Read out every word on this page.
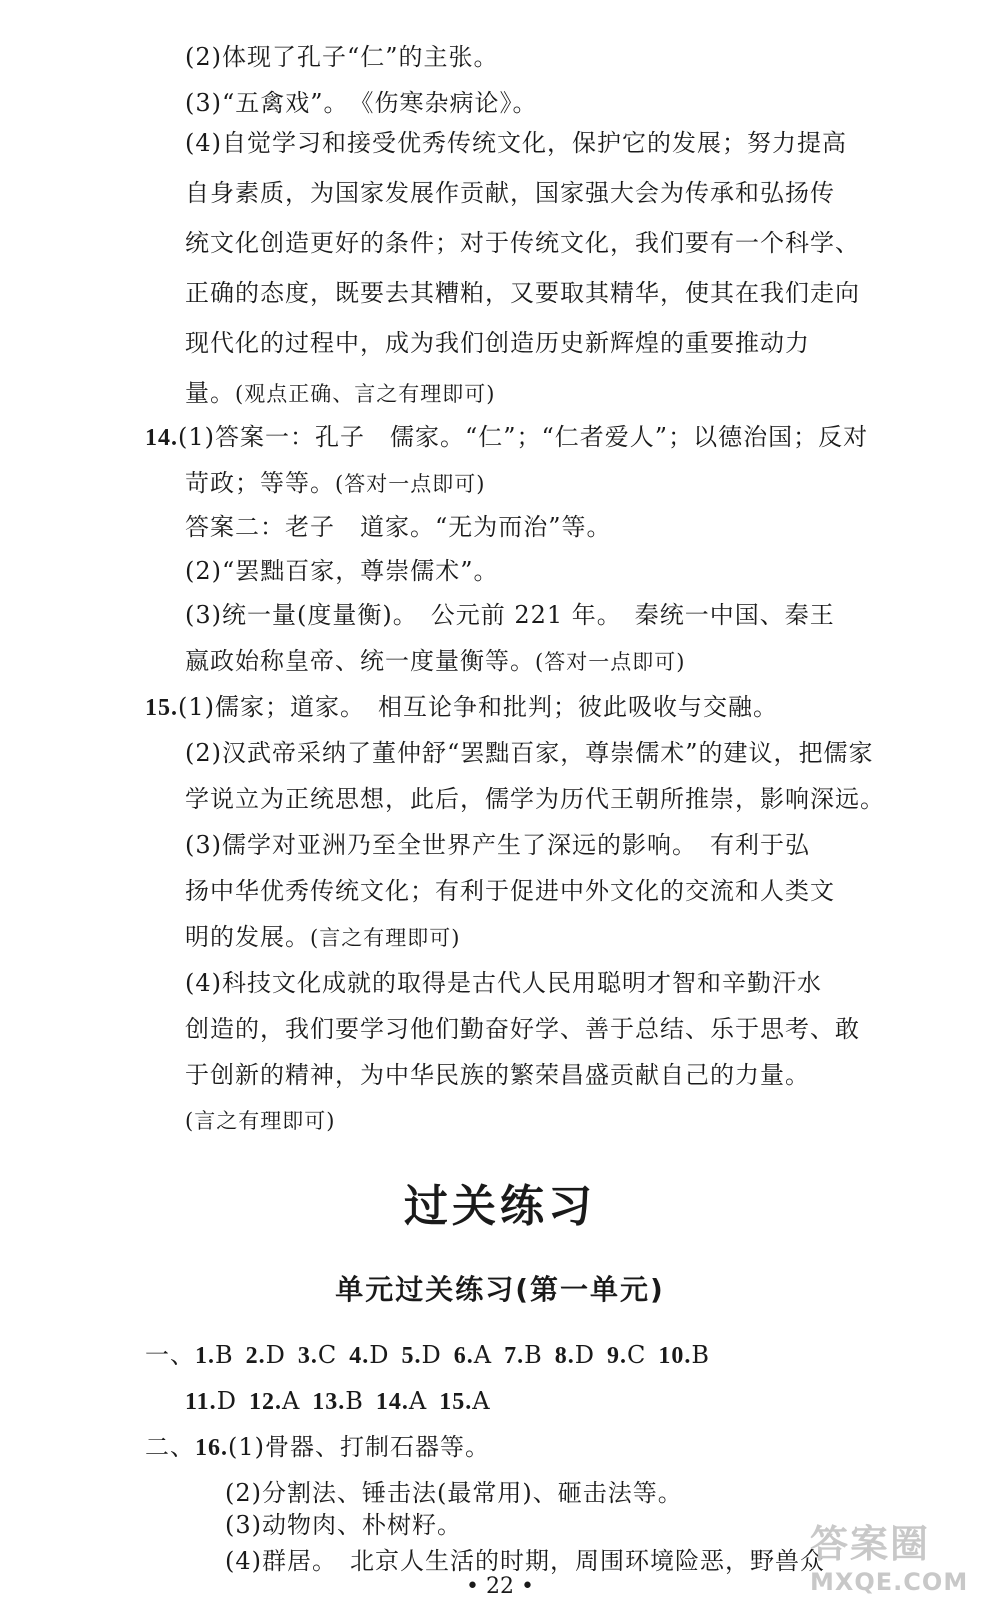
(2)体现了孔子“仁”的主张。
(3)“五禽戏”。　《伤寒杂病论》。
(4)自觉学习和接受优秀传统文化，保护它的发展；努力提高
自身素质，为国家发展作贡献，国家强大会为传承和弘扬传
统文化创造更好的条件；对于传统文化，我们要有一个科学、
正确的态度，既要去其糟粕，又要取其精华，使其在我们走向
现代化的过程中，成为我们创造历史新辉煌的重要推动力
量。(观点正确、言之有理即可)
14.(1)答案一：孔子　儒家。“仁”；“仁者爱人”；以德治国；反对
苛政；等等。(答对一点即可)
答案二：老子　道家。“无为而治”等。
(2)“罢黜百家，尊崇儒术”。
(3)统一量(度量衡)。　公元前 221 年。　秦统一中国、秦王
嬴政始称皇帝、统一度量衡等。(答对一点即可)
15.(1)儒家；道家。　相互论争和批判；彼此吸收与交融。
(2)汉武帝采纳了董仲舒“罢黜百家，尊崇儒术”的建议，把儒家
学说立为正统思想，此后，儒学为历代王朝所推崇，影响深远。
(3)儒学对亚洲乃至全世界产生了深远的影响。　有利于弘
扬中华优秀传统文化；有利于促进中外文化的交流和人类文
明的发展。(言之有理即可)
(4)科技文化成就的取得是古代人民用聪明才智和辛勤汗水
创造的，我们要学习他们勤奋好学、善于总结、乐于思考、敢
于创新的精神，为中华民族的繁荣昌盛贡献自己的力量。
(言之有理即可)
过关练习
单元过关练习(第一单元)
一、1.B 2.D 3.C 4.D 5.D 6.A 7.B 8.D 9.C 10.B
11.D 12.A 13.B 14.A 15.A
二、16.(1)骨器、打制石器等。
(2)分割法、锤击法(最常用)、砸击法等。
(3)动物肉、朴树籽。
(4)群居。　北京人生活的时期，周围环境险恶，野兽众
• 22 •
答案圈
MXQE.COM
